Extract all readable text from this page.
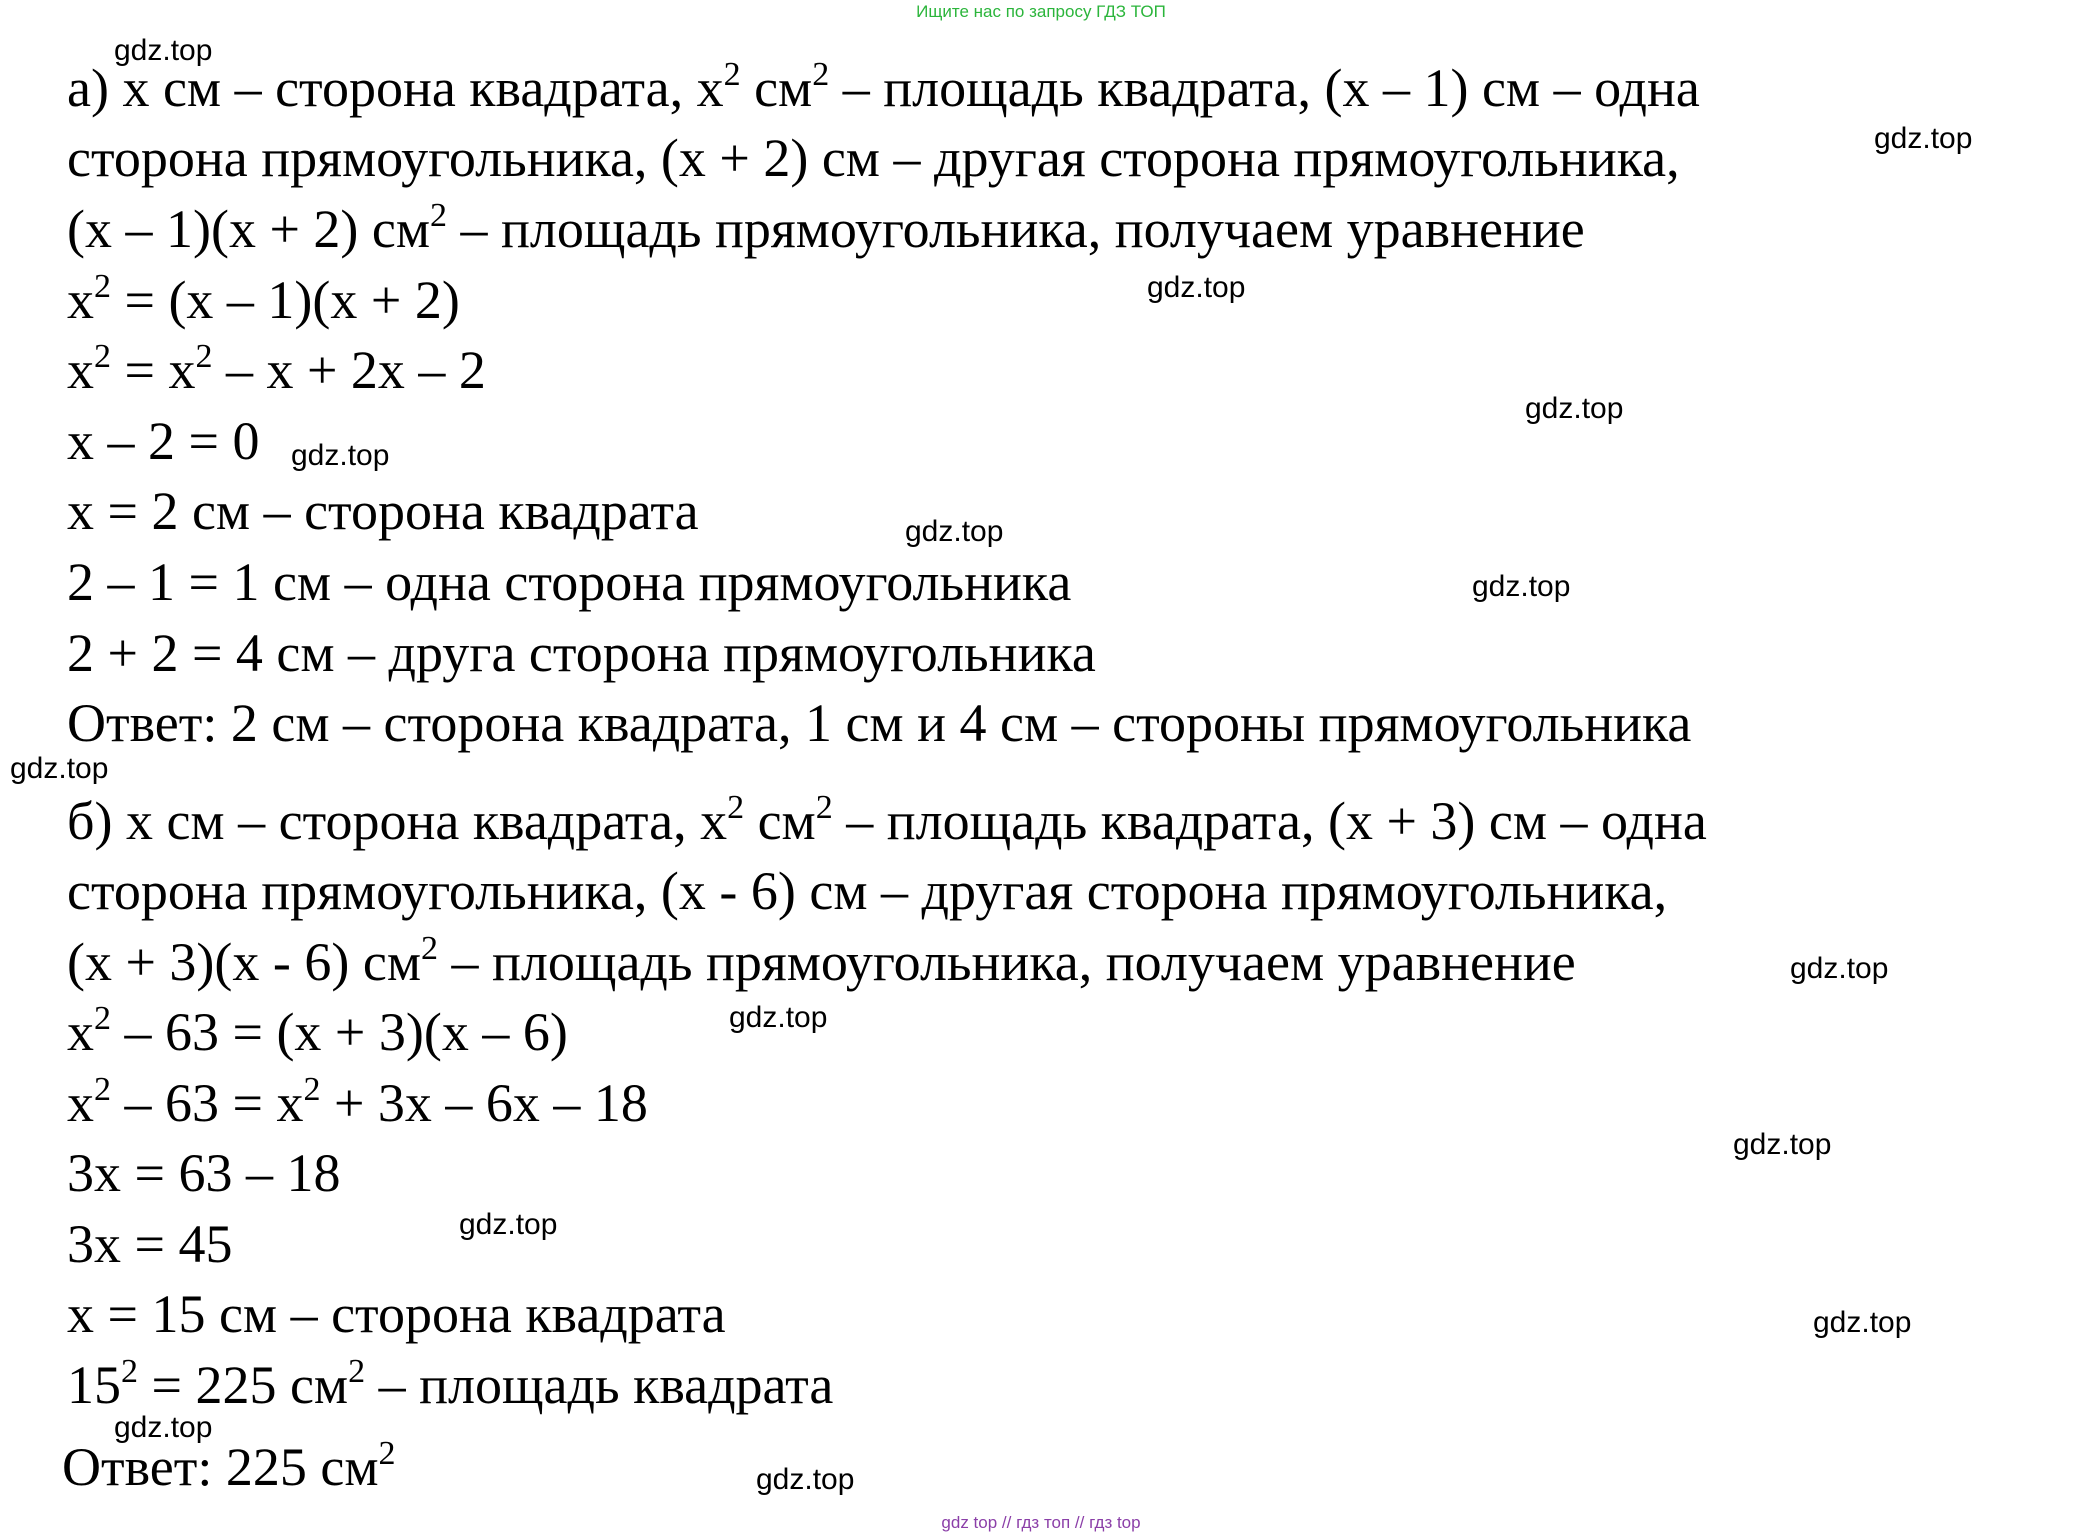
Ищите нас по запросу ГДЗ ТОП
а) x см – сторона квадрата, $x^2$ $см^2$ – площадь квадрата, (x – 1) см – одна
сторона прямоугольника, (x + 2) см – другая сторона прямоугольника,
(x – 1)(x + 2) $см^2$ – площадь прямоугольника, получаем уравнение
$x^2 = (x - 1)(x + 2)$
$x^2 = x^2 - x + 2x - 2$
x – 2 = 0
x = 2 см – сторона квадрата
2 – 1 = 1 см – одна сторона прямоугольника
2 + 2 = 4 см – друга сторона прямоугольника
Ответ: 2 см – сторона квадрата, 1 см и 4 см – стороны прямоугольника
б) x см – сторона квадрата, $x^2$ $см^2$ – площадь квадрата, (x + 3) см – одна
сторона прямоугольника, (x - 6) см – другая сторона прямоугольника,
(x + 3)(x - 6) $см^2$ – площадь прямоугольника, получаем уравнение
$x^2 - 63 = (x + 3)(x - 6)$
$x^2 - 63 = x^2 + 3x - 6x - 18$
3x = 63 – 18
3x = 45
x = 15 см – сторона квадрата
$15^2 = 225$ $см^2$ – площадь квадрата
Ответ: 225 $см^2$
gdz.top
gdz.top
gdz.top
gdz.top
gdz.top
gdz.top
gdz.top
gdz.top
gdz.top
gdz.top
gdz.top
gdz.top
gdz.top
gdz.top
gdz.top
gdz top // гдз топ // гдз top
